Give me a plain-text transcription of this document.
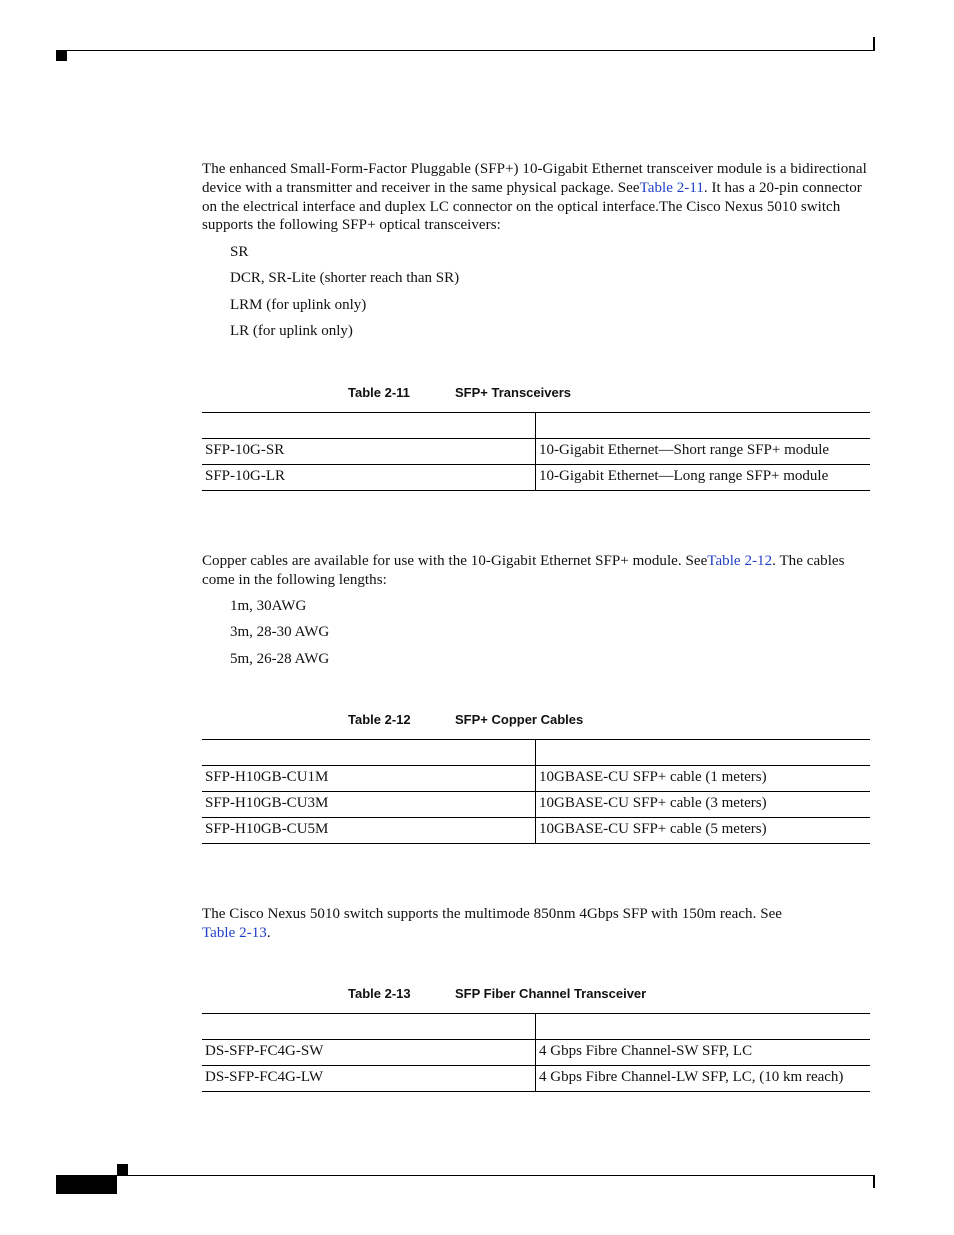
The enhanced Small-Form-Factor Pluggable (SFP+) 10-Gigabit Ethernet transceiver module is a bidirectional device with a transmitter and receiver in the same physical package. SeeTable 2-11. It has a 20-pin connector on the electrical interface and duplex LC connector on the optical interface.The Cisco Nexus 5010 switch supports the following SFP+ optical transceivers:
SR
DCR, SR-Lite (shorter reach than SR)
LRM (for uplink only)
LR (for uplink only)
Table 2-11	SFP+ Transceivers
SFP-10G-SR	10-Gigabit Ethernet—Short range SFP+ module
SFP-10G-LR	10-Gigabit Ethernet—Long range SFP+ module
Copper cables are available for use with the 10-Gigabit Ethernet SFP+ module. SeeTable 2-12. The cables come in the following lengths:
1m, 30AWG
3m, 28-30 AWG
5m, 26-28 AWG
Table 2-12	SFP+ Copper Cables
SFP-H10GB-CU1M	10GBASE-CU SFP+ cable (1 meters)
SFP-H10GB-CU3M	10GBASE-CU SFP+ cable (3 meters)
SFP-H10GB-CU5M	10GBASE-CU SFP+ cable (5 meters)
The Cisco Nexus 5010 switch supports the multimode 850nm 4Gbps SFP with 150m reach. See
Table 2-13.
Table 2-13	SFP Fiber Channel Transceiver
DS-SFP-FC4G-SW	4 Gbps Fibre Channel-SW SFP, LC
DS-SFP-FC4G-LW	4 Gbps Fibre Channel-LW SFP, LC, (10 km reach)
